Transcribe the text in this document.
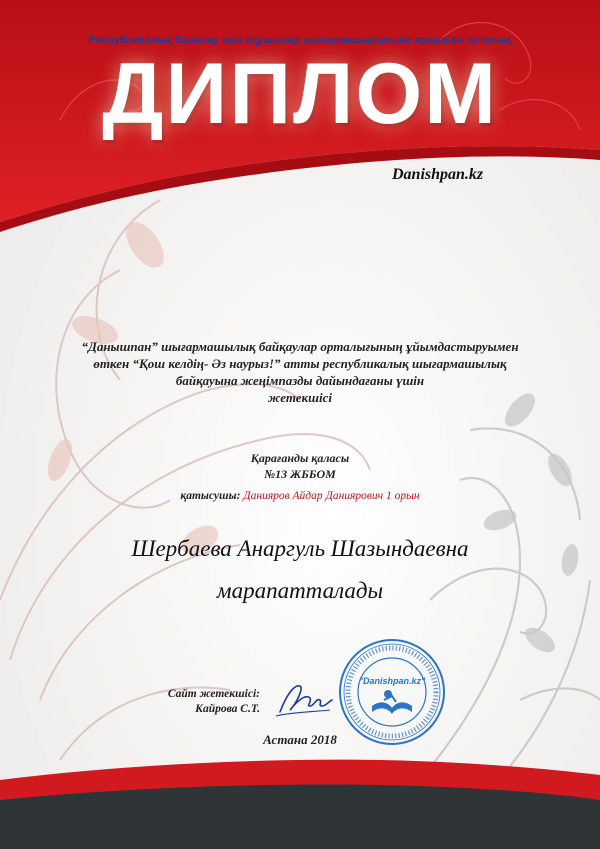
Республикалық балалар мен оқушылар шығармашылығына арналған орталық
ДИПЛОМ
Danishpan.kz
“Данышпан” шығармашылық байқаулар орталығының ұйымдастыруымен
өткен “Қош келдің- Әз наурыз!” атты республикалық шығармашылық
байқауына жеңімпазды дайындағаны үшін
жетекшісі
Қарағанды қаласы
№13 ЖББОМ
қатысушы: Данияров Айдар Даниярович 1 орын
Шербаева Анаргуль Шазындаевна
марапатталады
Сайт жетекшісі:
Кайрова С.Т.
"Danishpan.kz"
Астана 2018
